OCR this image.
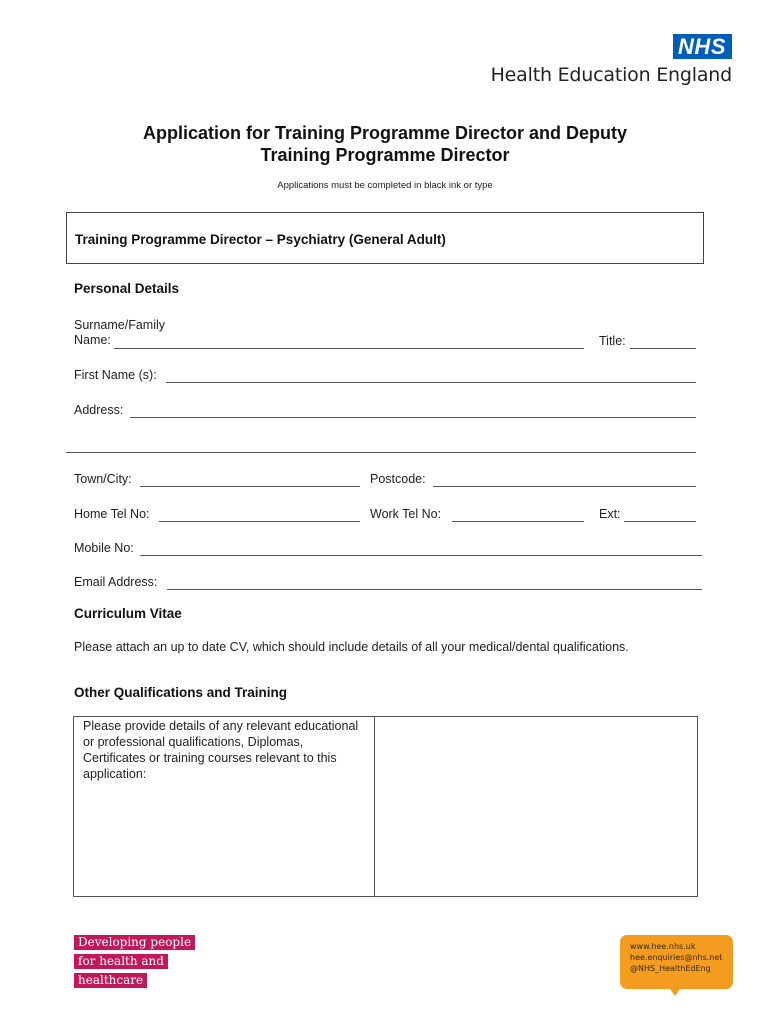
NHS
Health Education England
Application for Training Programme Director and Deputy
Training Programme Director
Applications must be completed in black ink or type
Training Programme Director – Psychiatry (General Adult)
Personal Details
Surname/Family
Name:	Title:
First Name (s):
Address:
Town/City:	Postcode:
Home Tel No:	Work Tel No:	Ext:
Mobile No:
Email Address:
Curriculum Vitae
Please attach an up to date CV, which should include details of all your medical/dental qualifications.
Other Qualifications and Training
Please provide details of any relevant educational or professional qualifications, Diplomas, Certificates or training courses relevant to this application:
Developing people
for health and
healthcare
www.hee.nhs.uk
hee.enquiries@nhs.net
@NHS_HealthEdEng
